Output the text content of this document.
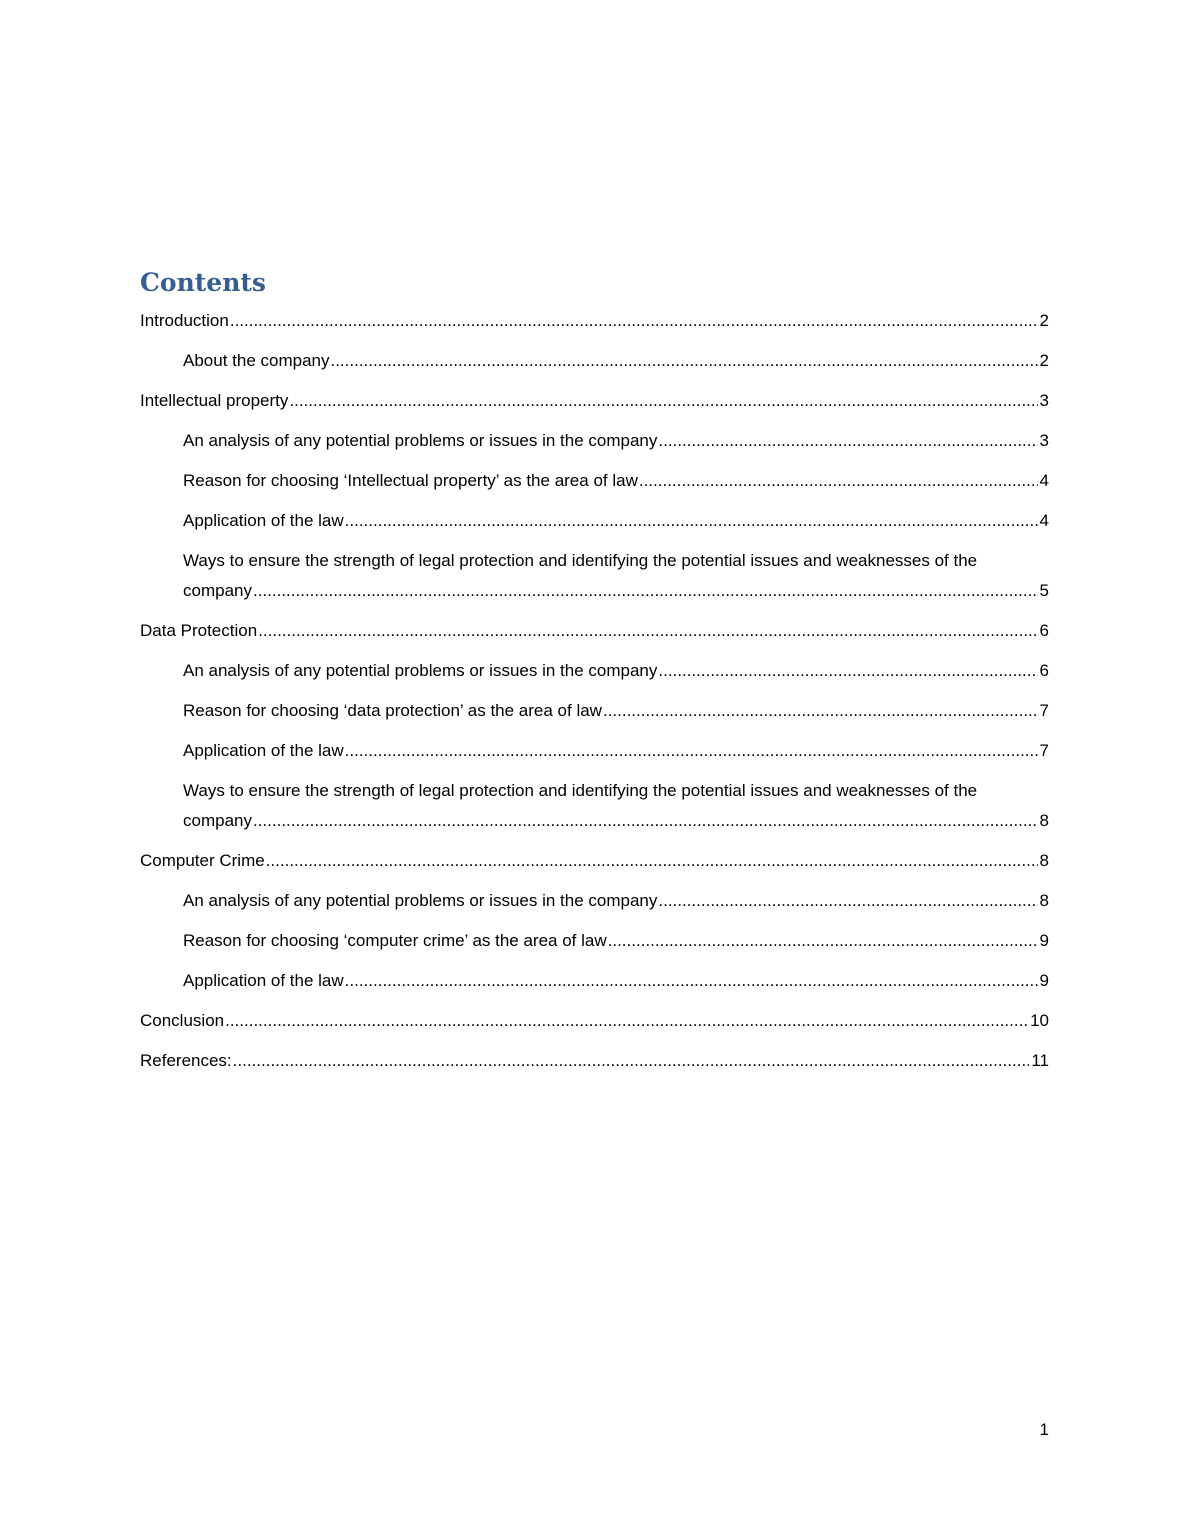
Contents
Introduction .....	2
About the company .....	2
Intellectual property .....	3
An analysis of any potential problems or issues in the company .....	3
Reason for choosing ‘Intellectual property’ as the area of law .....	4
Application of the law .....	4
Ways to ensure the strength of legal protection and identifying the potential issues and weaknesses of the company .....	5
Data Protection .....	6
An analysis of any potential problems or issues in the company .....	6
Reason for choosing ‘data protection’ as the area of law .....	7
Application of the law .....	7
Ways to ensure the strength of legal protection and identifying the potential issues and weaknesses of the company .....	8
Computer Crime .....	8
An analysis of any potential problems or issues in the company .....	8
Reason for choosing ‘computer crime’ as the area of law .....	9
Application of the law .....	9
Conclusion .....	10
References: .....	11
1
